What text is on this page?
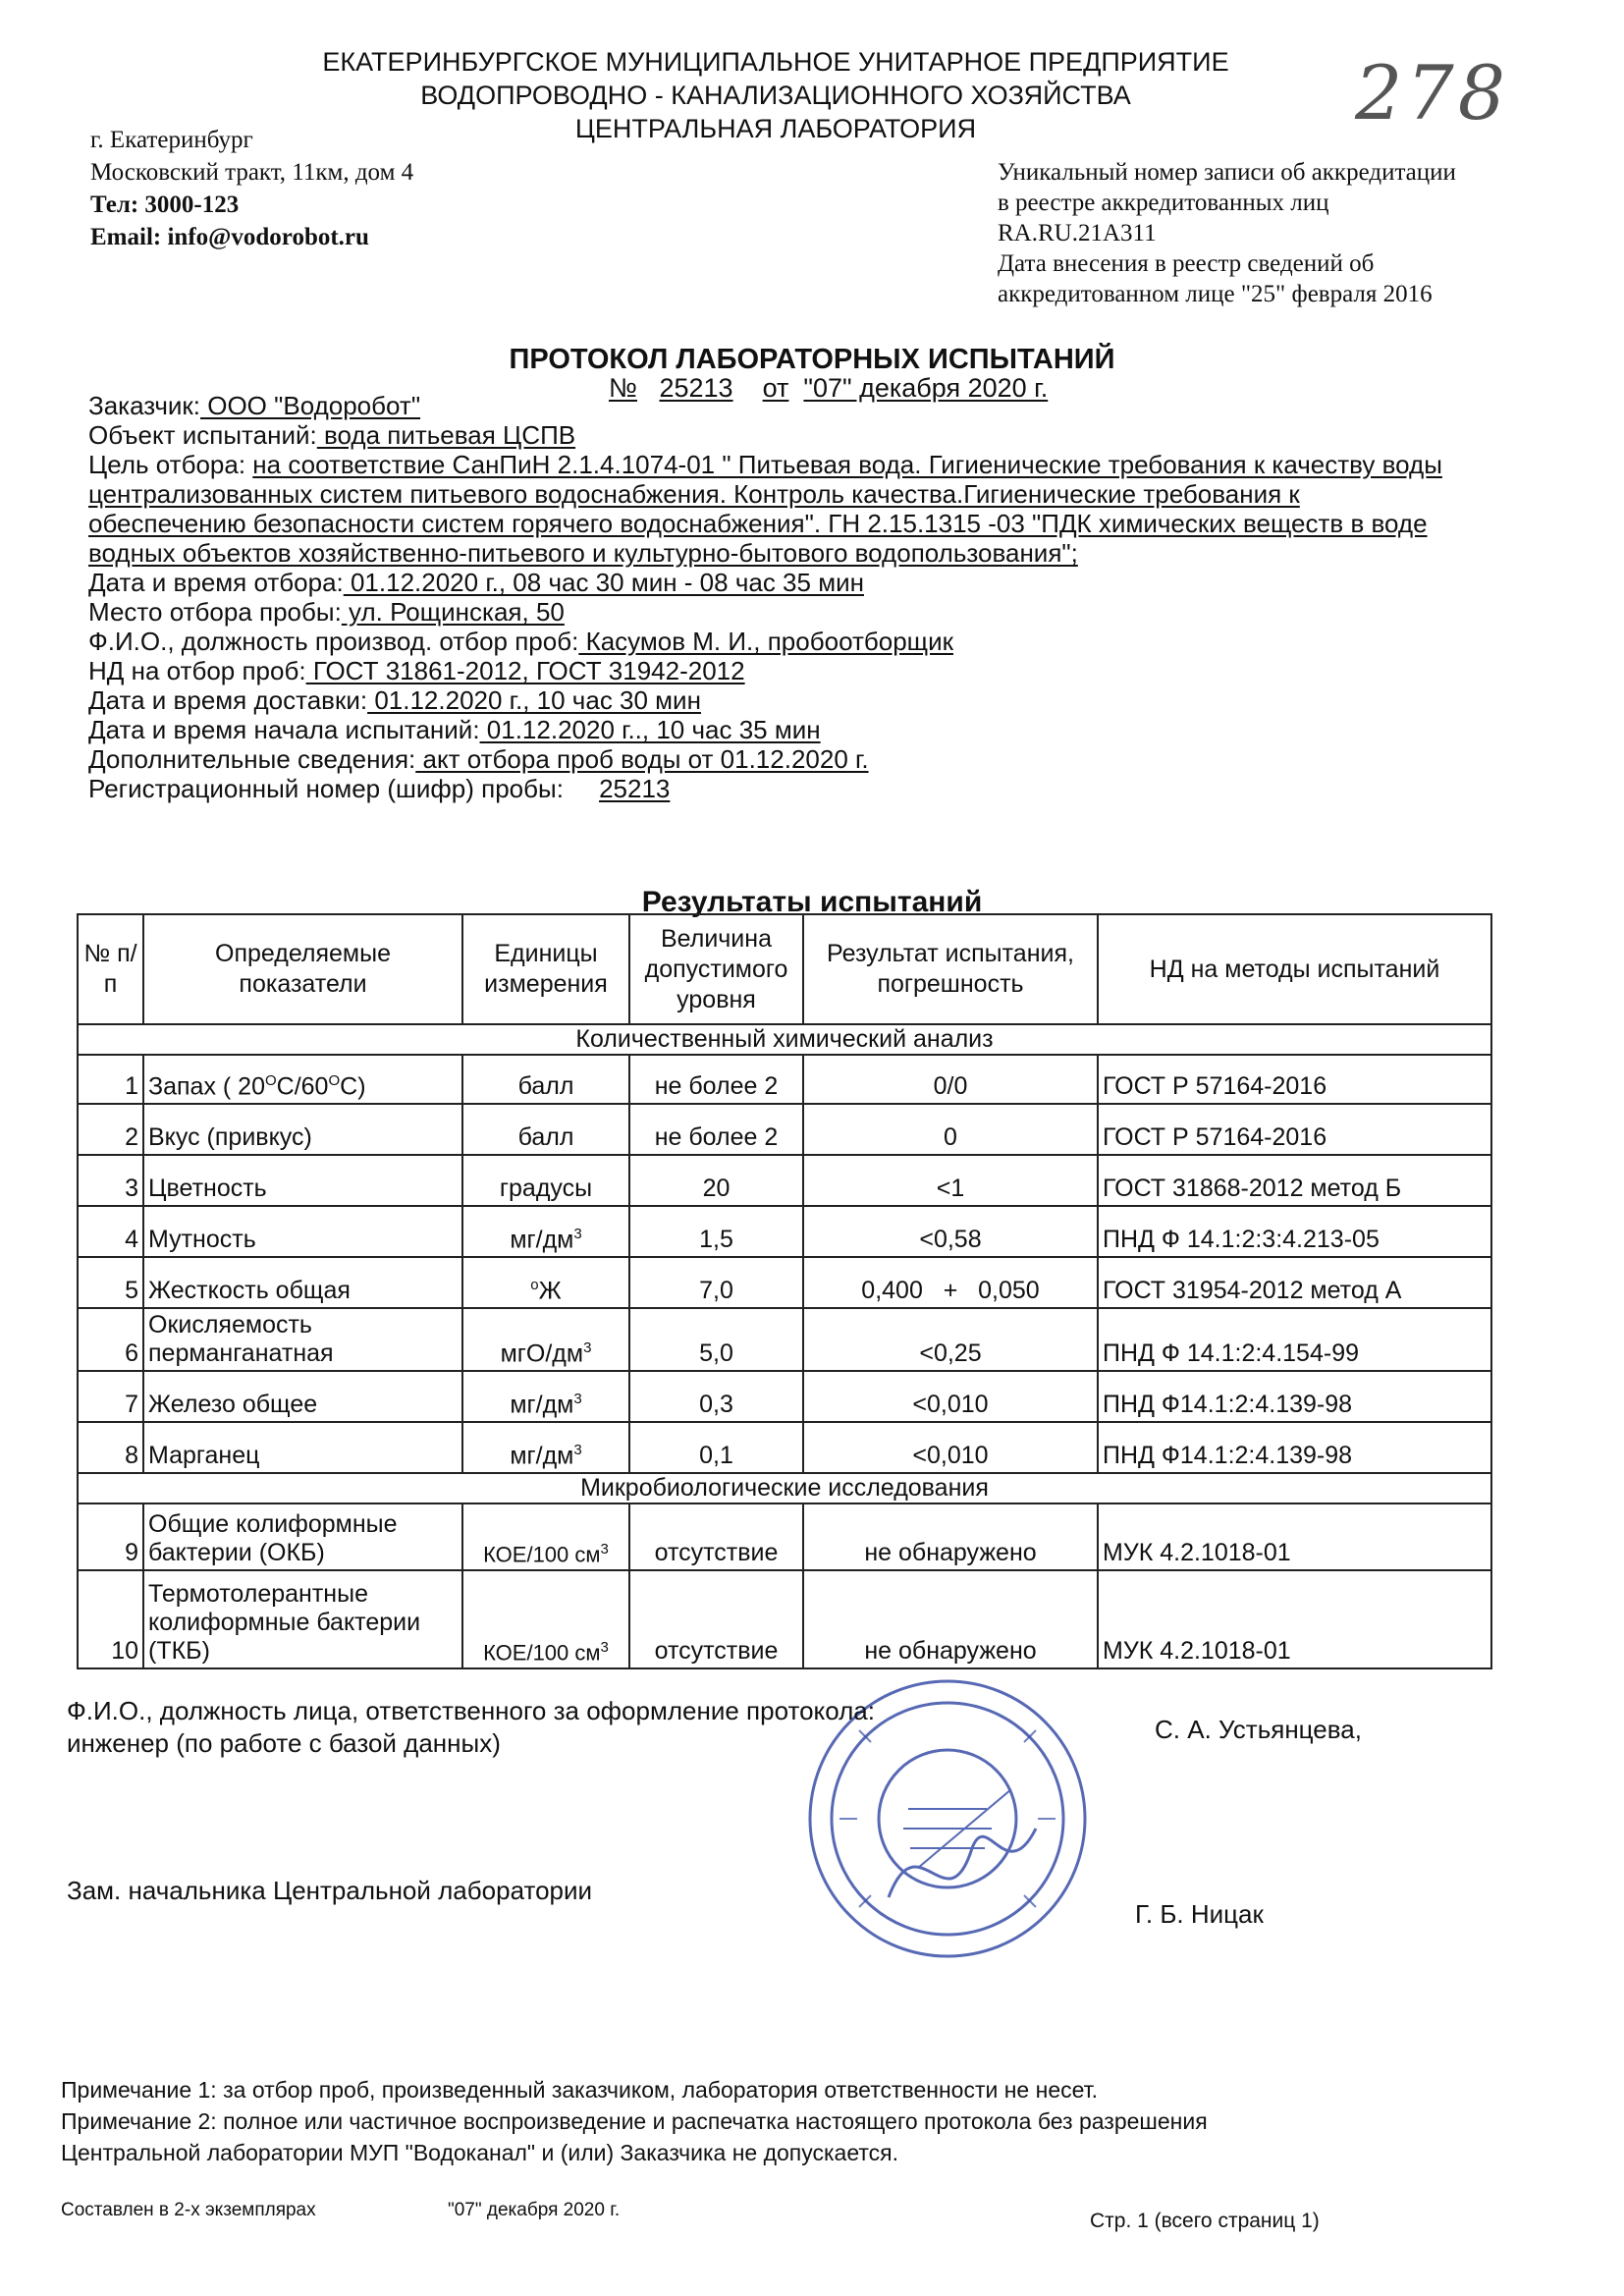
ЕКАТЕРИНБУРГСКОЕ МУНИЦИПАЛЬНОЕ УНИТАРНОЕ ПРЕДПРИЯТИЕ
ВОДОПРОВОДНО - КАНАЛИЗАЦИОННОГО ХОЗЯЙСТВА
ЦЕНТРАЛЬНАЯ ЛАБОРАТОРИЯ	278
г. Екатеринбург
Московский тракт, 11км, дом 4
Тел: 3000-123
Email: info@vodorobot.ru
Уникальный номер записи об аккредитации
в реестре аккредитованных лиц
RA.RU.21A311
Дата внесения в реестр сведений об
аккредитованном лице "25" февраля 2016
ПРОТОКОЛ ЛАБОРАТОРНЫХ ИСПЫТАНИЙ
№ 25213 от "07" декабря 2020 г.
Заказчик: ООО "Водоробот"
Объект испытаний: вода питьевая ЦСПВ
Цель отбора: на соответствие СанПиН 2.1.4.1074-01 " Питьевая вода. Гигиенические требования к качеству воды централизованных систем питьевого водоснабжения. Контроль качества.Гигиенические требования к обеспечению безопасности систем горячего водоснабжения". ГН 2.15.1315 -03 "ПДК химических веществ в воде водных объектов хозяйственно-питьевого и культурно-бытового водопользования";
Дата и время отбора: 01.12.2020 г., 08 час 30 мин - 08 час 35 мин
Место отбора пробы: ул. Рощинская, 50
Ф.И.О., должность производ. отбор проб: Касумов М. И., пробоотборщик
НД на отбор проб: ГОСТ 31861-2012, ГОСТ 31942-2012
Дата и время доставки: 01.12.2020 г., 10 час 30 мин
Дата и время начала испытаний: 01.12.2020 г.., 10 час 35 мин
Дополнительные сведения: акт отбора проб воды от 01.12.2020 г.
Регистрационный номер (шифр) пробы: 25213
Результаты испытаний
№ п/п	Определяемые показатели	Единицы измерения	Величина допустимого уровня	Результат испытания, погрешность	НД на методы испытаний
Количественный химический анализ					
1	Запах ( $20^ОС/60^ОС$)	балл	не более 2	0/0	ГОСТ Р 57164-2016
2	Вкус (привкус)	балл	не более 2	0	ГОСТ Р 57164-2016
3	Цветность	градусы	20	<1	ГОСТ 31868-2012 метод Б
4	Мутность	$мг/дм^3$	1,5	<0,58	ПНД Ф 14.1:2:3:4.213-05
5	Жесткость общая	$^о$Ж	7,0	0,400   +   0,050	ГОСТ 31954-2012 метод А
6	Окисляемость перманганатная	мгО/$дм^3$	5,0	<0,25	ПНД Ф 14.1:2:4.154-99
7	Железо общее	$мг/дм^3$	0,3	<0,010	ПНД Ф14.1:2:4.139-98
8	Марганец	$мг/дм^3$	0,1	<0,010	ПНД Ф14.1:2:4.139-98
Микробиологические исследования					
9	Общие колиформные бактерии (ОКБ)	КОЕ/100 $см^3$	отсутствие	не обнаружено	МУК 4.2.1018-01
10	Термотолерантные колиформные бактерии (ТКБ)	КОЕ/100 $см^3$	отсутствие	не обнаружено	МУК 4.2.1018-01
Ф.И.О., должность лица, ответственного за оформление протокола:
инженер (по работе с базой данных)	С. А. Устьянцева,
Зам. начальника Центральной лаборатории
Г. Б. Ницак
Примечание 1: за отбор проб, произведенный заказчиком, лаборатория ответственности не несет.
Примечание 2: полное или частичное воспроизведение и распечатка настоящего протокола без разрешения
Центральной лаборатории МУП "Водоканал" и (или) Заказчика не допускается.
Составлен в 2-х экземплярах	"07" декабря 2020 г.	Стр. 1 (всего страниц 1)
